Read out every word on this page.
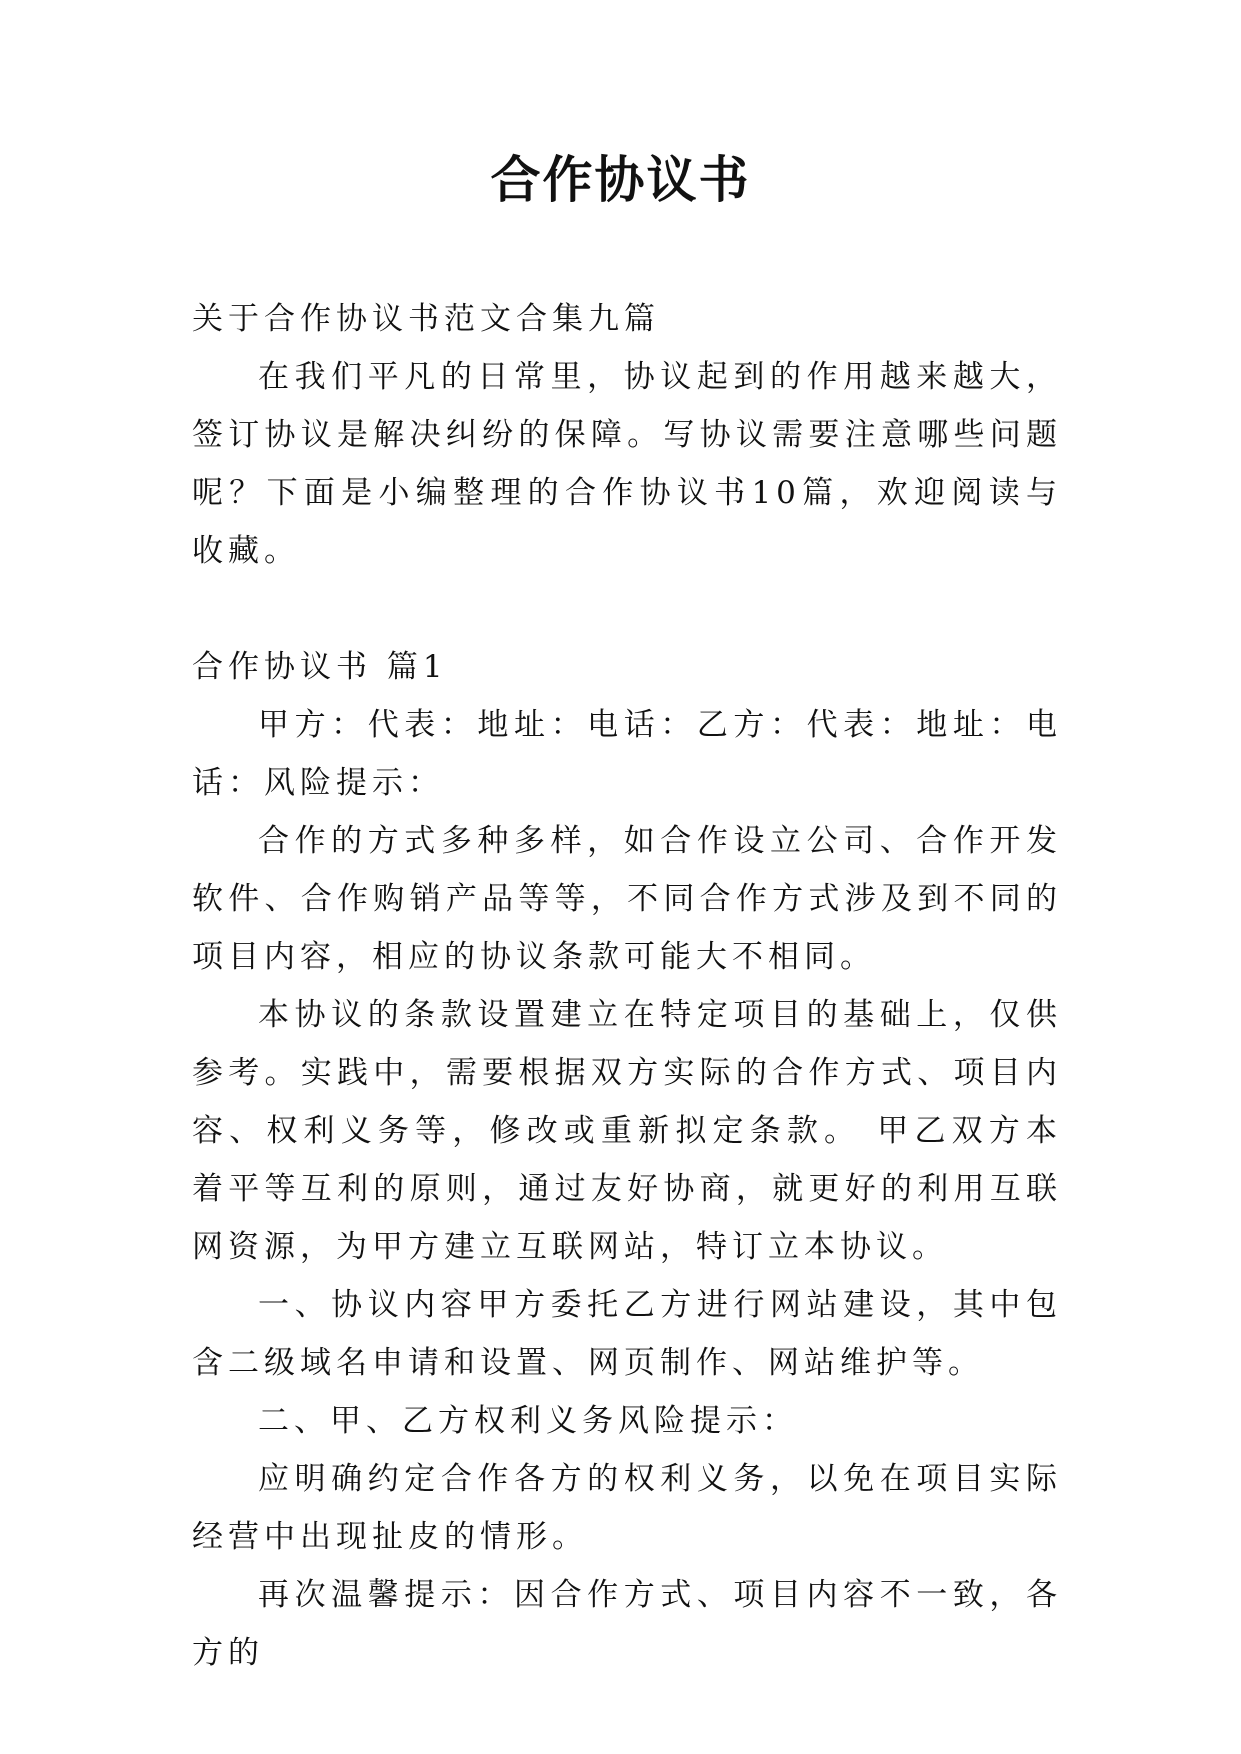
合作协议书

关于合作协议书范文合集九篇

在我们平凡的日常里，协议起到的作用越来越大，签订协议是解决纠纷的保障。写协议需要注意哪些问题呢？下面是小编整理的合作协议书10篇，欢迎阅读与收藏。

合作协议书 篇1

甲方：代表：地址：电话：乙方：代表：地址：电话：风险提示：

合作的方式多种多样，如合作设立公司、合作开发软件、合作购销产品等等，不同合作方式涉及到不同的项目内容，相应的协议条款可能大不相同。

本协议的条款设置建立在特定项目的基础上，仅供参考。实践中，需要根据双方实际的合作方式、项目内容、权利义务等，修改或重新拟定条款。 甲乙双方本着平等互利的原则，通过友好协商，就更好的利用互联网资源，为甲方建立互联网站，特订立本协议。

一、协议内容甲方委托乙方进行网站建设，其中包含二级域名申请和设置、网页制作、网站维护等。

二、甲、乙方权利义务风险提示：

应明确约定合作各方的权利义务，以免在项目实际经营中出现扯皮的情形。

再次温馨提示：因合作方式、项目内容不一致，各方的
